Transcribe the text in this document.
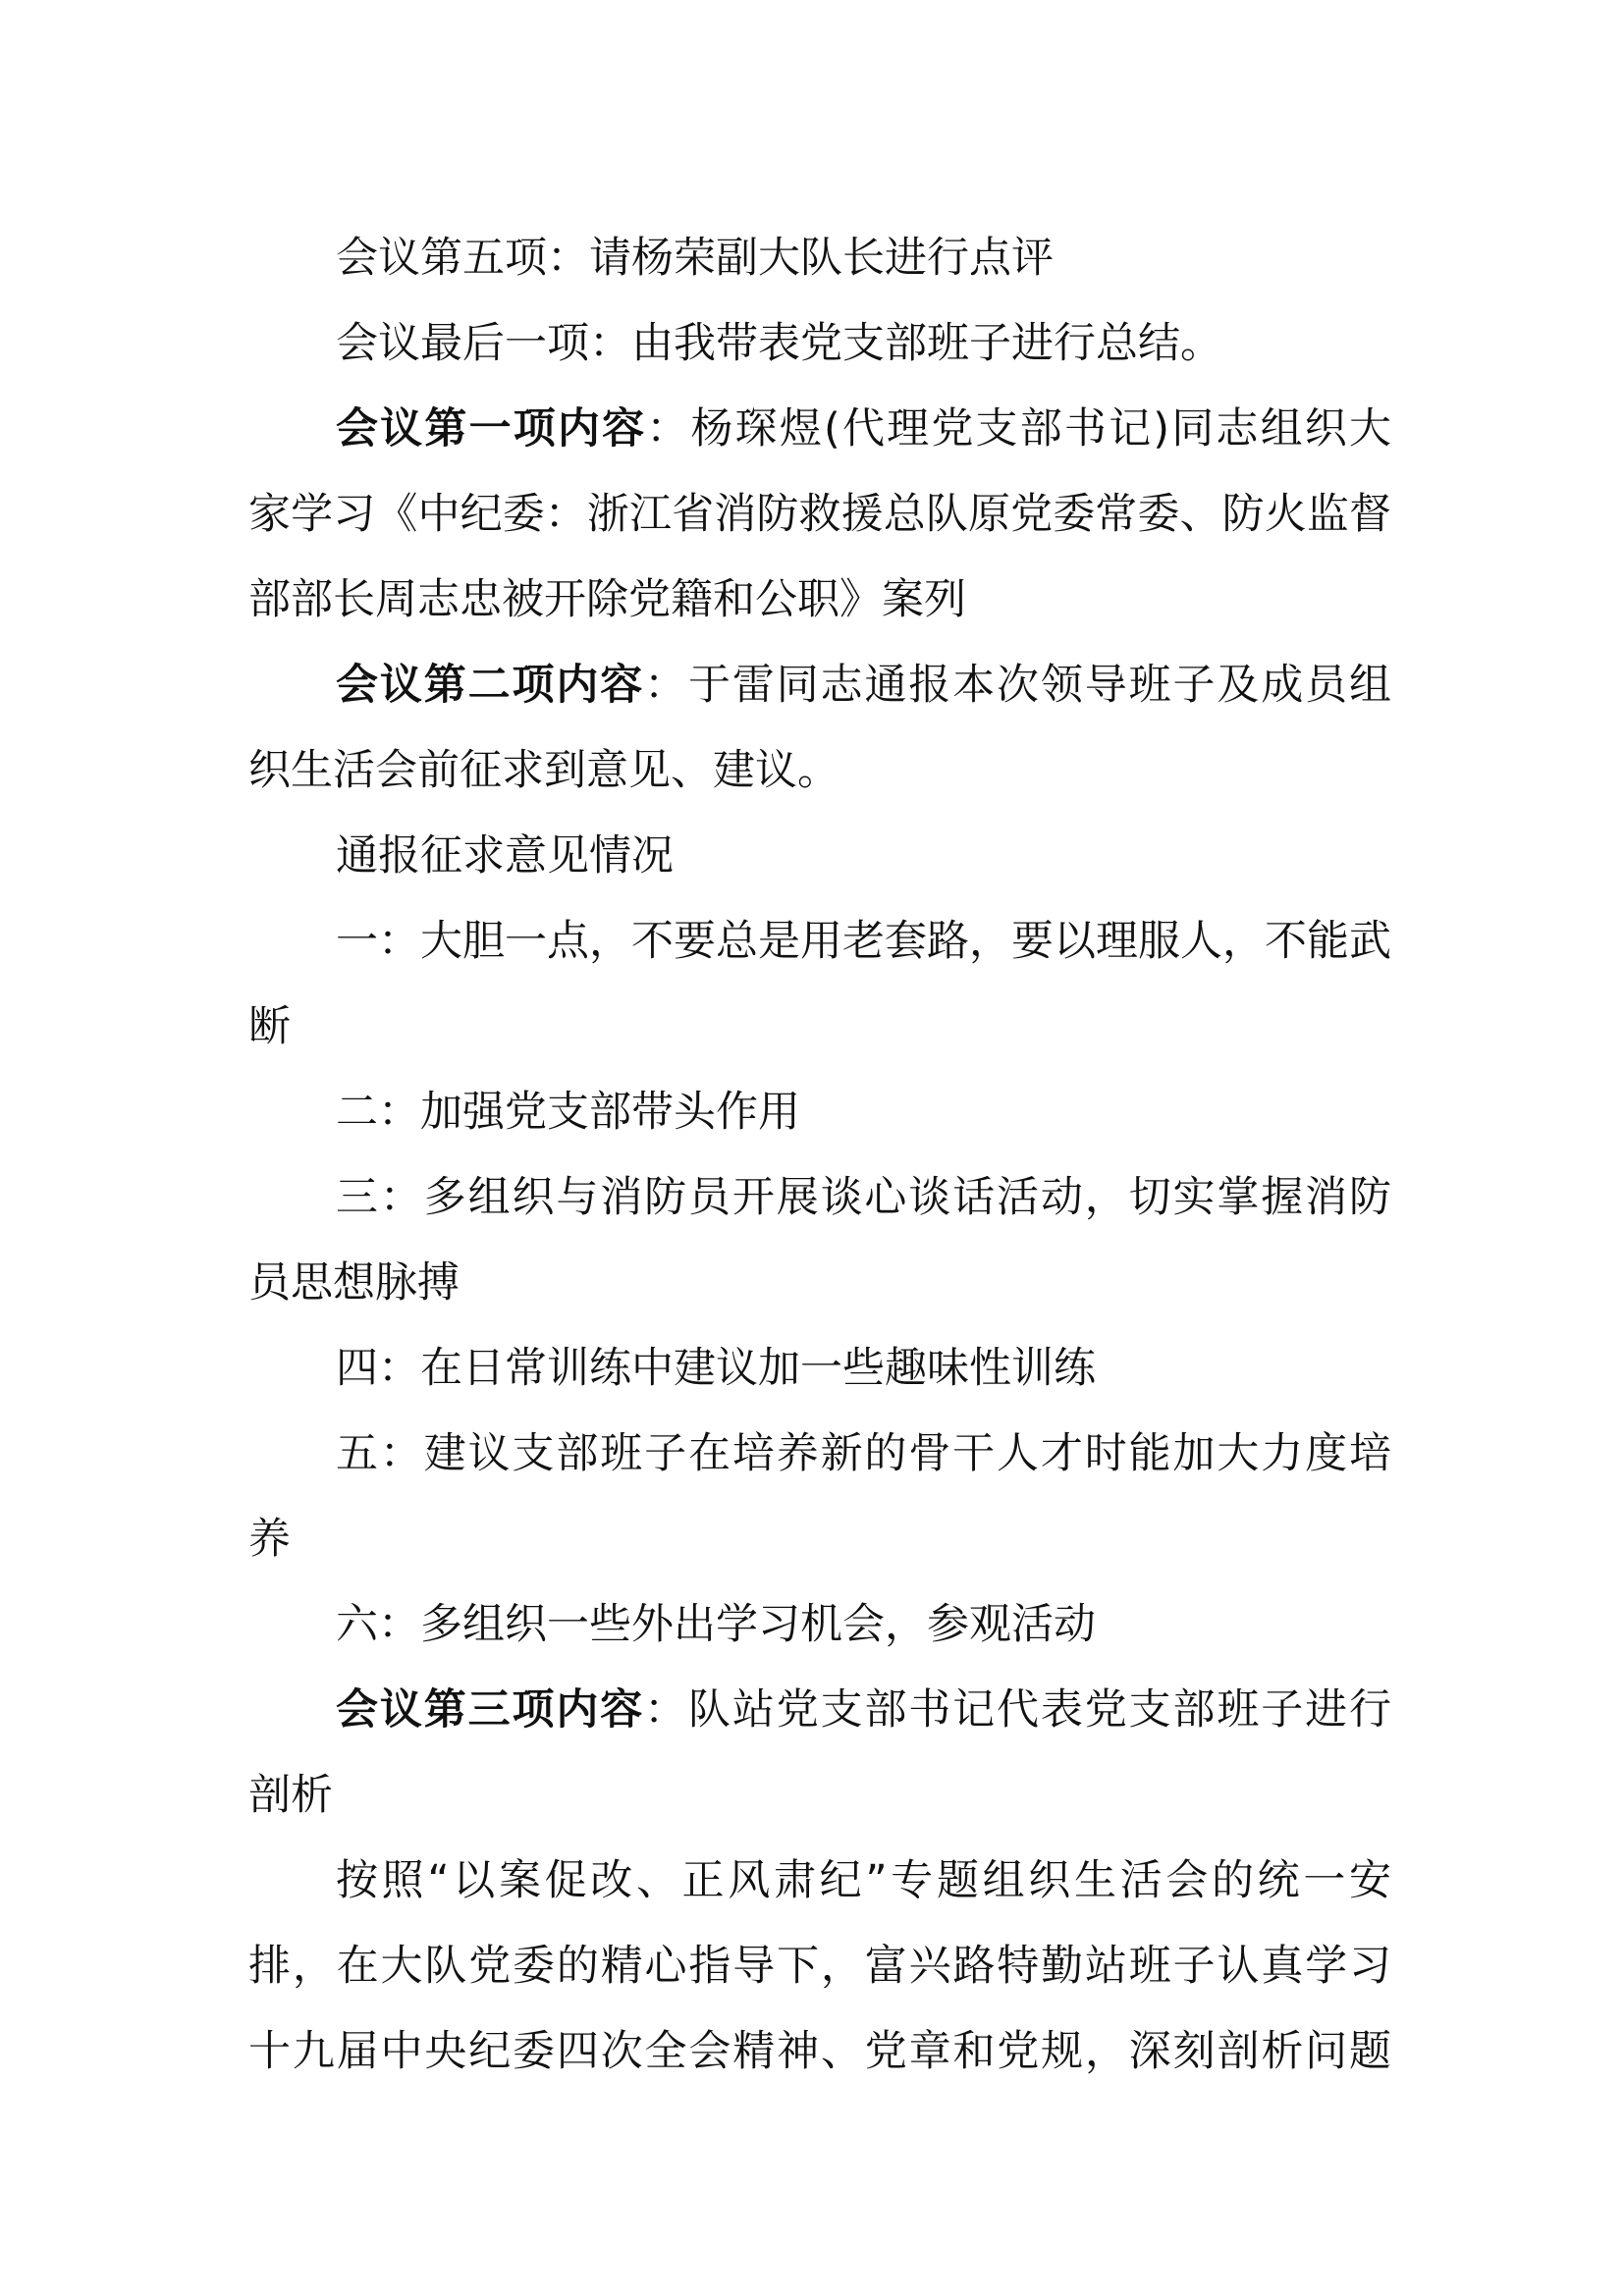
会议第五项：请杨荣副大队长进行点评
会议最后一项：由我带表党支部班子进行总结。
会议第一项内容：杨琛煜(代理党支部书记)同志组织大
家学习《中纪委：浙江省消防救援总队原党委常委、防火监督
部部长周志忠被开除党籍和公职》案列
会议第二项内容：于雷同志通报本次领导班子及成员组
织生活会前征求到意见、建议。
通报征求意见情况
一：大胆一点，不要总是用老套路，要以理服人，不能武
断
二：加强党支部带头作用
三：多组织与消防员开展谈心谈话活动，切实掌握消防
员思想脉搏
四：在日常训练中建议加一些趣味性训练
五：建议支部班子在培养新的骨干人才时能加大力度培
养
六：多组织一些外出学习机会，参观活动
会议第三项内容：队站党支部书记代表党支部班子进行
剖析
按照“以案促改、正风肃纪”专题组织生活会的统一安
排，在大队党委的精心指导下，富兴路特勤站班子认真学习
十九届中央纪委四次全会精神、党章和党规，深刻剖析问题
